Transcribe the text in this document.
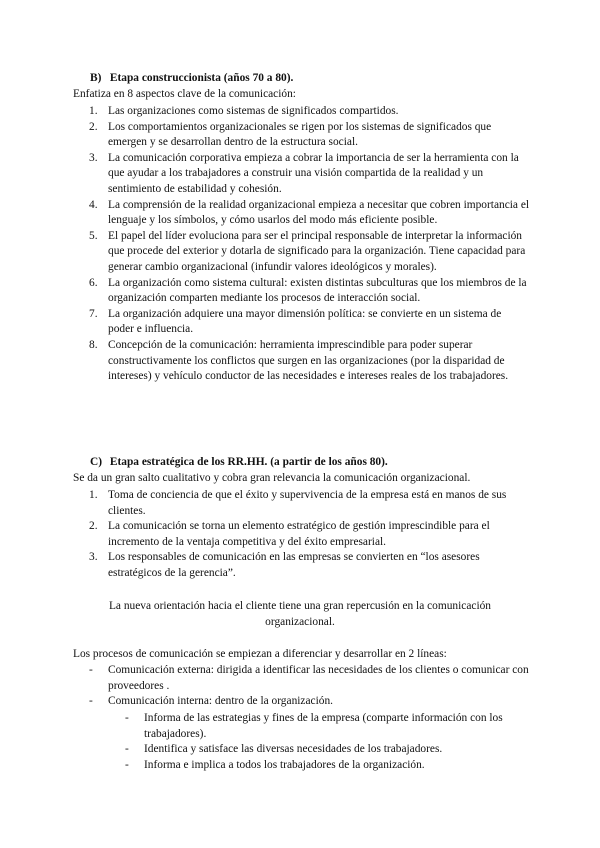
B) Etapa construccionista (años 70 a 80).
Enfatiza en 8 aspectos clave de la comunicación:
1. Las organizaciones como sistemas de significados compartidos.
2. Los comportamientos organizacionales se rigen por los sistemas de significados que emergen y se desarrollan dentro de la estructura social.
3. La comunicación corporativa empieza a cobrar la importancia de ser la herramienta con la que ayudar a los trabajadores a construir una visión compartida de la realidad y un sentimiento de estabilidad y cohesión.
4. La comprensión de la realidad organizacional empieza a necesitar que cobren importancia el lenguaje y los símbolos, y cómo usarlos del modo más eficiente posible.
5. El papel del líder evoluciona para ser el principal responsable de interpretar la información que procede del exterior y dotarla de significado para la organización. Tiene capacidad para generar cambio organizacional (infundir valores ideológicos y morales).
6. La organización como sistema cultural: existen distintas subculturas que los miembros de la organización comparten mediante los procesos de interacción social.
7. La organización adquiere una mayor dimensión política: se convierte en un sistema de poder e influencia.
8. Concepción de la comunicación: herramienta imprescindible para poder superar constructivamente los conflictos que surgen en las organizaciones (por la disparidad de intereses) y vehículo conductor de las necesidades e intereses reales de los trabajadores.
C) Etapa estratégica de los RR.HH. (a partir de los años 80).
Se da un gran salto cualitativo y cobra gran relevancia la comunicación organizacional.
1. Toma de conciencia de que el éxito y supervivencia de la empresa está en manos de sus clientes.
2. La comunicación se torna un elemento estratégico de gestión imprescindible para el incremento de la ventaja competitiva y del éxito empresarial.
3. Los responsables de comunicación en las empresas se convierten en “los asesores estratégicos de la gerencia”.
La nueva orientación hacia el cliente tiene una gran repercusión en la comunicación organizacional.
Los procesos de comunicación se empiezan a diferenciar y desarrollar en 2 líneas:
- Comunicación externa: dirigida a identificar las necesidades de los clientes o comunicar con proveedores .
- Comunicación interna: dentro de la organización.
- Informa de las estrategias y fines de la empresa (comparte información con los trabajadores).
- Identifica y satisface las diversas necesidades de los trabajadores.
- Informa e implica a todos los trabajadores de la organización.
